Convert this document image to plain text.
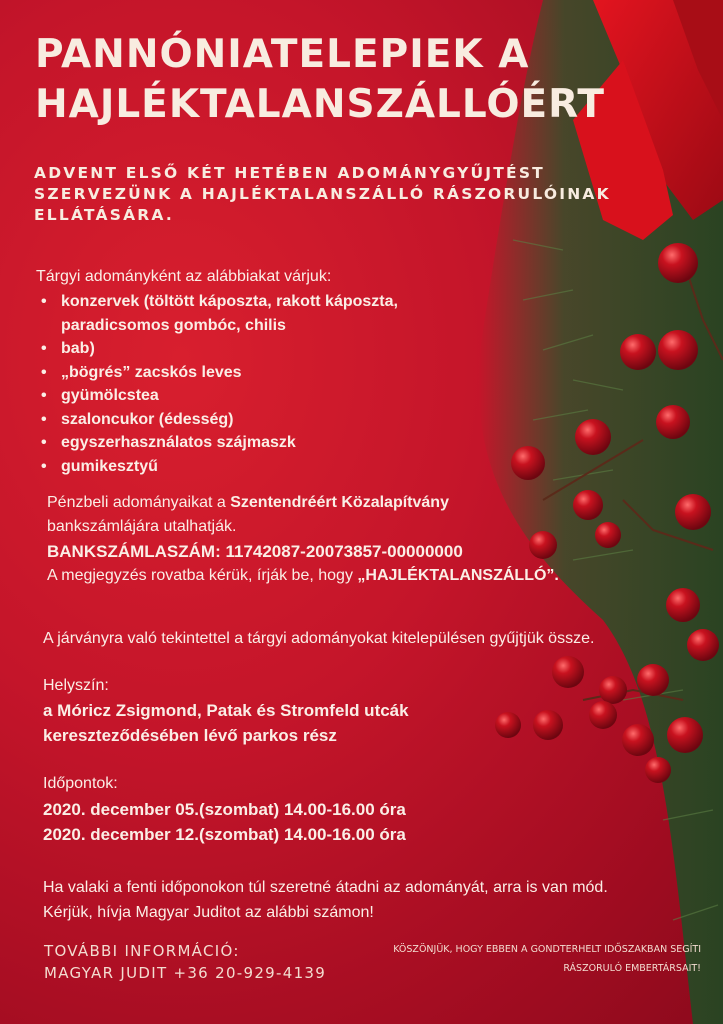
PANNÓNIATELEPIEK A
HAJLÉKTALANSZÁLLÓÉRT
ADVENT ELSŐ KÉT HETÉBEN ADOMÁNYGYŰJTÉST
SZERVEZÜNK A HAJLÉKTALANSZÁLLÓ RÁSZORULÓINAK
ELLÁTÁSÁRA.
Tárgyi adományként az alábbiakat várjuk:
• konzervek (töltött káposzta, rakott káposzta,
paradicsomos gombóc, chilis
• bab)
• „bögrés” zacskós leves
• gyümölcstea
• szaloncukor (édesség)
• egyszerhasználatos szájmaszk
• gumikesztyű
Pénzbeli adományaikat a Szentendréért Közalapítvány
bankszámlájára utalhatják.
BANKSZÁMLASZÁM: 11742087-20073857-00000000
A megjegyzés rovatba kérük, írják be, hogy „HAJLÉKTALANSZÁLLÓ”.
A járványra való tekintettel a tárgyi adományokat kitelepülésen gyűjtjük össze.
Helyszín:
a Móricz Zsigmond, Patak és Stromfeld utcák
kereszteződésében lévő parkos rész
Időpontok:
2020. december 05.(szombat) 14.00-16.00 óra
2020. december 12.(szombat) 14.00-16.00 óra
Ha valaki a fenti időponokon túl szeretné átadni az adományát, arra is van mód.
Kérjük, hívja Magyar Juditot az alábbi számon!
TOVÁBBI INFORMÁCIÓ:
MAGYAR JUDIT +36 20-929-4139
KÖSZÖNJÜK, HOGY EBBEN A GONDTERHELT IDŐSZAKBAN SEGÍTI
RÁSZORULÓ EMBERTÁRSAIT!
